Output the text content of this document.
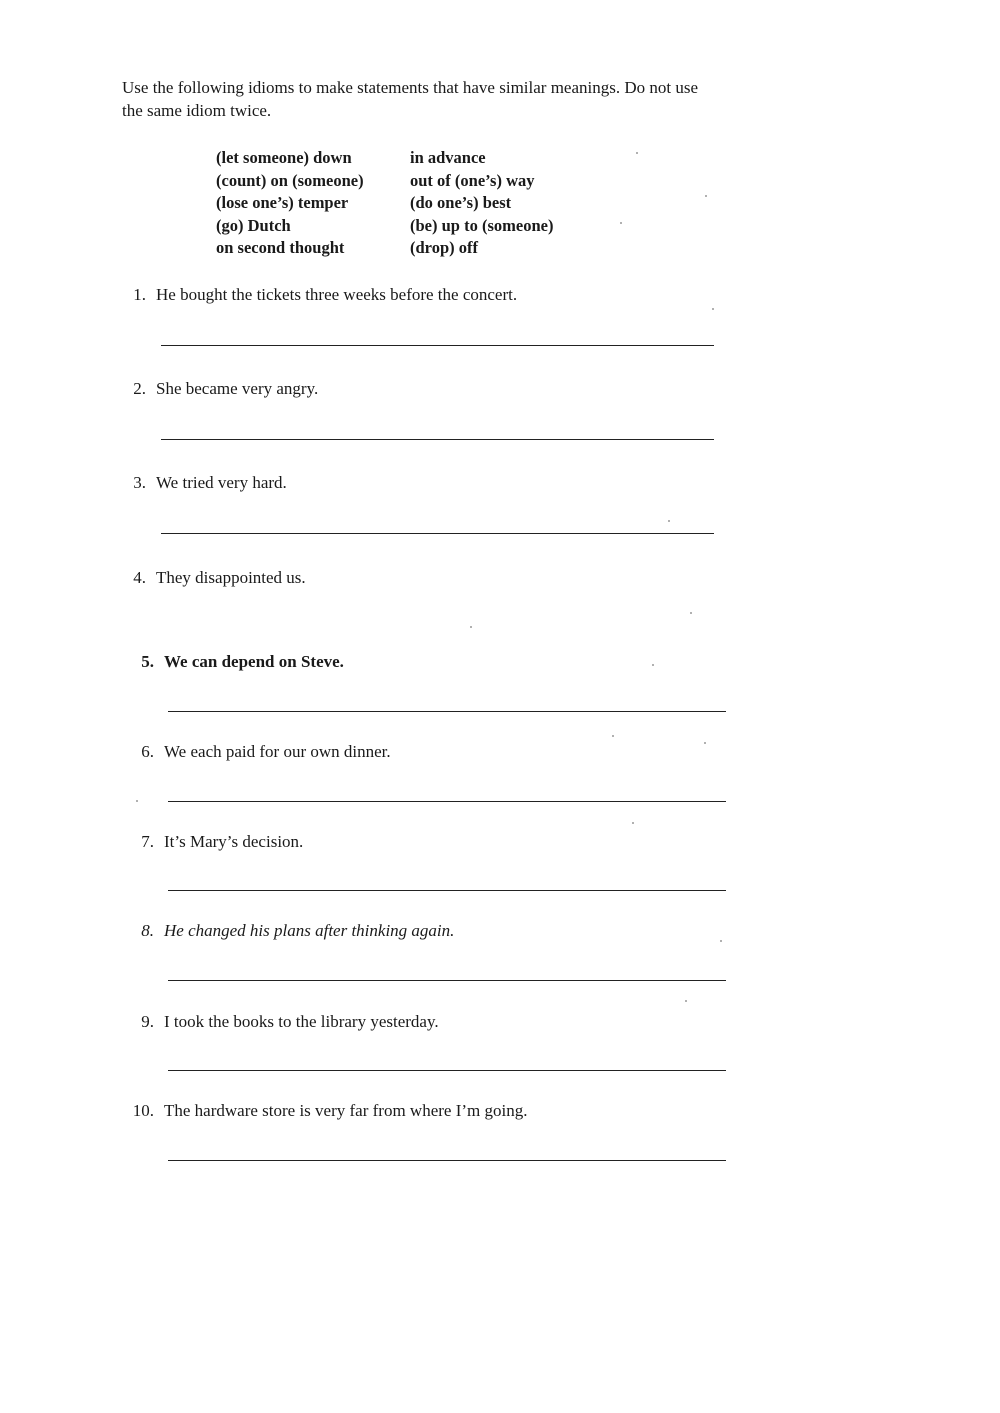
Use the following idioms to make statements that have similar meanings. Do not use the same idiom twice.
(let someone) down
(count) on (someone)
(lose one’s) temper
(go) Dutch
on second thought
in advance
out of (one’s) way
(do one’s) best
(be) up to (someone)
(drop) off
1. He bought the tickets three weeks before the concert.
2. She became very angry.
3. We tried very hard.
4. They disappointed us.
5. We can depend on Steve.
6. We each paid for our own dinner.
7. It’s Mary’s decision.
8. He changed his plans after thinking again.
9. I took the books to the library yesterday.
10. The hardware store is very far from where I’m going.
